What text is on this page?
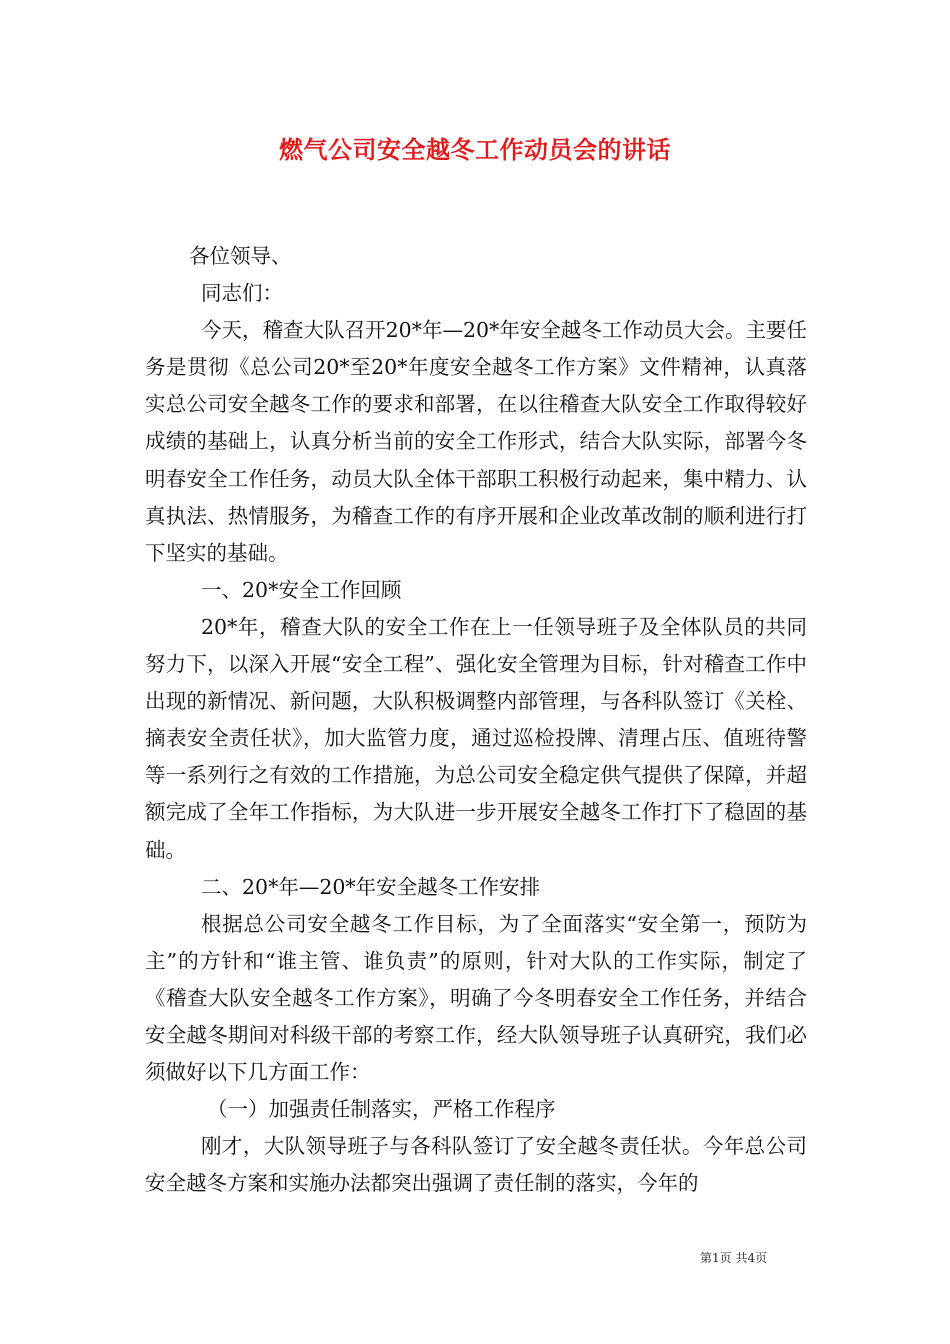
燃气公司安全越冬工作动员会的讲话

各位领导、

同志们：

今天，稽查大队召开20*年—20*年安全越冬工作动员大会。主要任务是贯彻《总公司20*至20*年度安全越冬工作方案》文件精神，认真落实总公司安全越冬工作的要求和部署，在以往稽查大队安全工作取得较好成绩的基础上，认真分析当前的安全工作形式，结合大队实际，部署今冬明春安全工作任务，动员大队全体干部职工积极行动起来，集中精力、认真执法、热情服务，为稽查工作的有序开展和企业改革改制的顺利进行打下坚实的基础。

一、20*安全工作回顾

20*年，稽查大队的安全工作在上一任领导班子及全体队员的共同努力下，以深入开展“安全工程”、强化安全管理为目标，针对稽查工作中出现的新情况、新问题，大队积极调整内部管理，与各科队签订《关栓、摘表安全责任状》，加大监管力度，通过巡检投牌、清理占压、值班待警等一系列行之有效的工作措施，为总公司安全稳定供气提供了保障，并超额完成了全年工作指标，为大队进一步开展安全越冬工作打下了稳固的基础。

二、20*年—20*年安全越冬工作安排

根据总公司安全越冬工作目标，为了全面落实“安全第一，预防为主”的方针和“谁主管、谁负责”的原则，针对大队的工作实际，制定了《稽查大队安全越冬工作方案》，明确了今冬明春安全工作任务，并结合安全越冬期间对科级干部的考察工作，经大队领导班子认真研究，我们必须做好以下几方面工作：

（一）加强责任制落实，严格工作程序

刚才，大队领导班子与各科队签订了安全越冬责任状。今年总公司安全越冬方案和实施办法都突出强调了责任制的落实，今年的

第1页 共4页
